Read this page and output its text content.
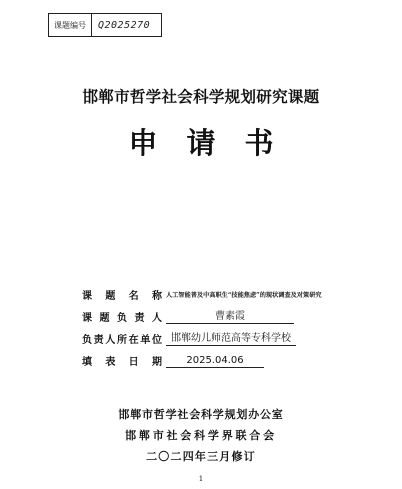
课题编号	Q2025270
邯郸市哲学社会科学规划研究课题
申请书
课 题 名 称 人工智能普及中高职生“技能焦虑”的现状调查及对策研究
课题负责人	曹素霞
负责人所在单位 邯郸幼儿师范高等专科学校
填 表 日 期 2025.04.06
邯郸市哲学社会科学规划办公室
邯郸市社会科学界联合会
二〇二四年三月修订
1
